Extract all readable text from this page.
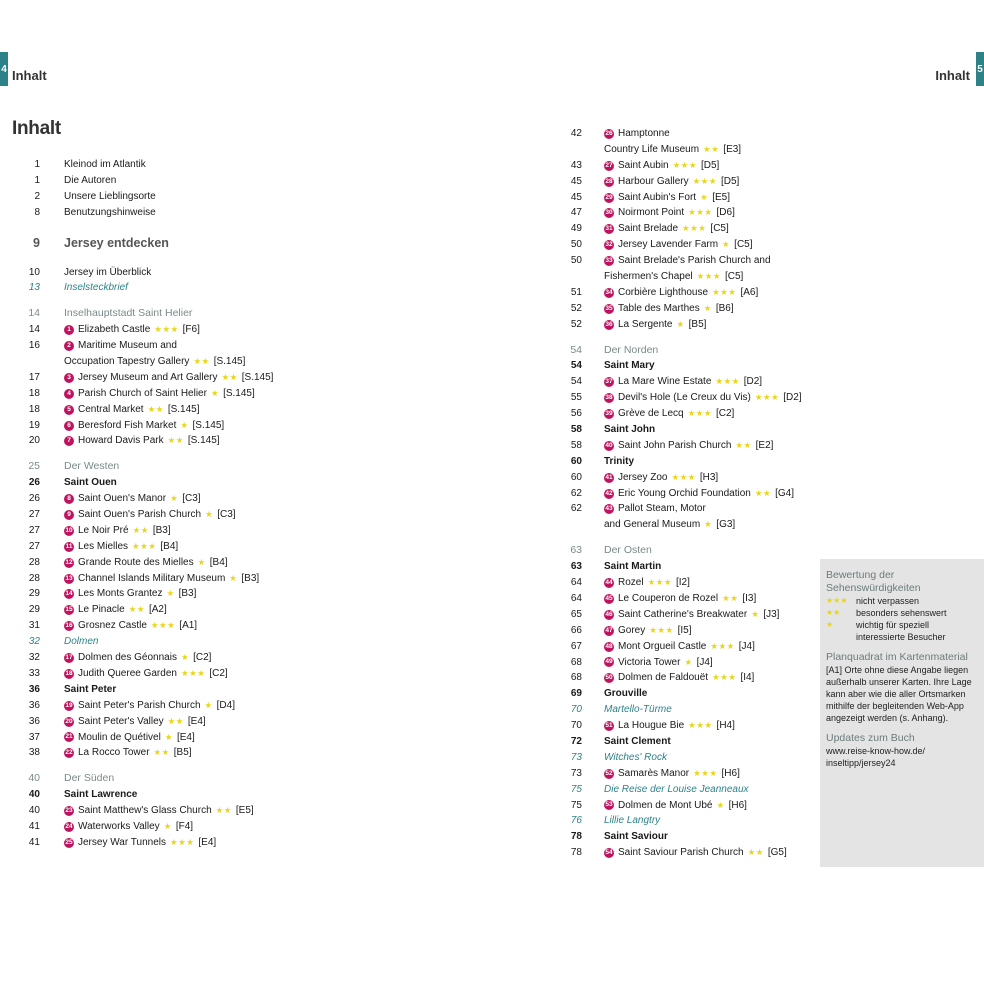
4 Inhalt	Inhalt 5
Inhalt
1 Kleinod im Atlantik
1 Die Autoren
2 Unsere Lieblingsorte
8 Benutzungshinweise
9 Jersey entdecken
10 Jersey im Überblick
13 Inselsteckbrief
14 Inselhauptstadt Saint Helier
14	1 Elizabeth Castle ★★★ [F6]
16	2 Maritime Museum and
Occupation Tapestry Gallery ★★ [S.145]
17	3 Jersey Museum and Art Gallery ★★ [S.145]
18	4 Parish Church of Saint Helier ★ [S.145]
18	5 Central Market ★★ [S.145]
19	6 Beresford Fish Market ★ [S.145]
20	7 Howard Davis Park ★★ [S.145]
25 Der Westen
26 Saint Ouen
26	8 Saint Ouen's Manor ★ [C3]
27	9 Saint Ouen's Parish Church ★ [C3]
27	10 Le Noir Pré ★★ [B3]
27	11 Les Mielles ★★★ [B4]
28	12 Grande Route des Mielles ★ [B4]
28	13 Channel Islands Military Museum ★ [B3]
29	14 Les Monts Grantez ★ [B3]
29	15 Le Pinacle ★★ [A2]
31	16 Grosnez Castle ★★★ [A1]
32 Dolmen
32	17 Dolmen des Géonnais ★ [C2]
33	18 Judith Queree Garden ★★★ [C2]
36 Saint Peter
36	19 Saint Peter's Parish Church ★ [D4]
36	20 Saint Peter's Valley ★★ [E4]
37	21 Moulin de Quétivel ★ [E4]
38	22 La Rocco Tower ★★ [B5]
40 Der Süden
40 Saint Lawrence
40	23 Saint Matthew's Glass Church ★★ [E5]
41	24 Waterworks Valley ★ [F4]
41	25 Jersey War Tunnels ★★★ [E4]
42	26 Hamptonne
Country Life Museum ★★ [E3]
43	27 Saint Aubin ★★★ [D5]
45	28 Harbour Gallery ★★★ [D5]
45	29 Saint Aubin's Fort ★ [E5]
47	30 Noirmont Point ★★★ [D6]
49	31 Saint Brelade ★★★ [C5]
50	32 Jersey Lavender Farm ★ [C5]
50	33 Saint Brelade's Parish Church and
Fishermen's Chapel ★★★ [C5]
51	34 Corbière Lighthouse ★★★ [A6]
52	35 Table des Marthes ★ [B6]
52	36 La Sergente ★ [B5]
54 Der Norden
54 Saint Mary
54	37 La Mare Wine Estate ★★★ [D2]
55	38 Devil's Hole (Le Creux du Vis) ★★★ [D2]
56	39 Grève de Lecq ★★★ [C2]
58 Saint John
58	40 Saint John Parish Church ★★ [E2]
60 Trinity
60	41 Jersey Zoo ★★★ [H3]
62	42 Eric Young Orchid Foundation ★★ [G4]
62	43 Pallot Steam, Motor
and General Museum ★ [G3]
63 Der Osten
63 Saint Martin
64	44 Rozel ★★★ [I2]
64	45 Le Couperon de Rozel ★★ [I3]
65	46 Saint Catherine's Breakwater ★ [J3]
66	47 Gorey ★★★ [I5]
67	48 Mont Orgueil Castle ★★★ [J4]
68	49 Victoria Tower ★ [J4]
68	50 Dolmen de Faldouët ★★★ [I4]
69 Grouville
70 Martello-Türme
70	51 La Hougue Bie ★★★ [H4]
72 Saint Clement
73 Witches' Rock
73	52 Samarès Manor ★★★ [H6]
75 Die Reise der Louise Jeanneaux
75	53 Dolmen de Mont Ubé ★ [H6]
76 Lillie Langtry
78 Saint Saviour
78	54 Saint Saviour Parish Church ★★ [G5]
Bewertung der Sehenswürdigkeiten
★★★ nicht verpassen
★★	besonders sehenswert
★	wichtig für speziell
interessierte Besucher
Planquadrat im Kartenmaterial
[A1] Orte ohne diese Angabe liegen außerhalb unserer Karten. Ihre Lage kann aber wie die aller Ortsmarken mithilfe der begleitenden Web-App angezeigt werden (s. Anhang).
Updates zum Buch
www.reise-know-how.de/
inseltipp/jersey24
